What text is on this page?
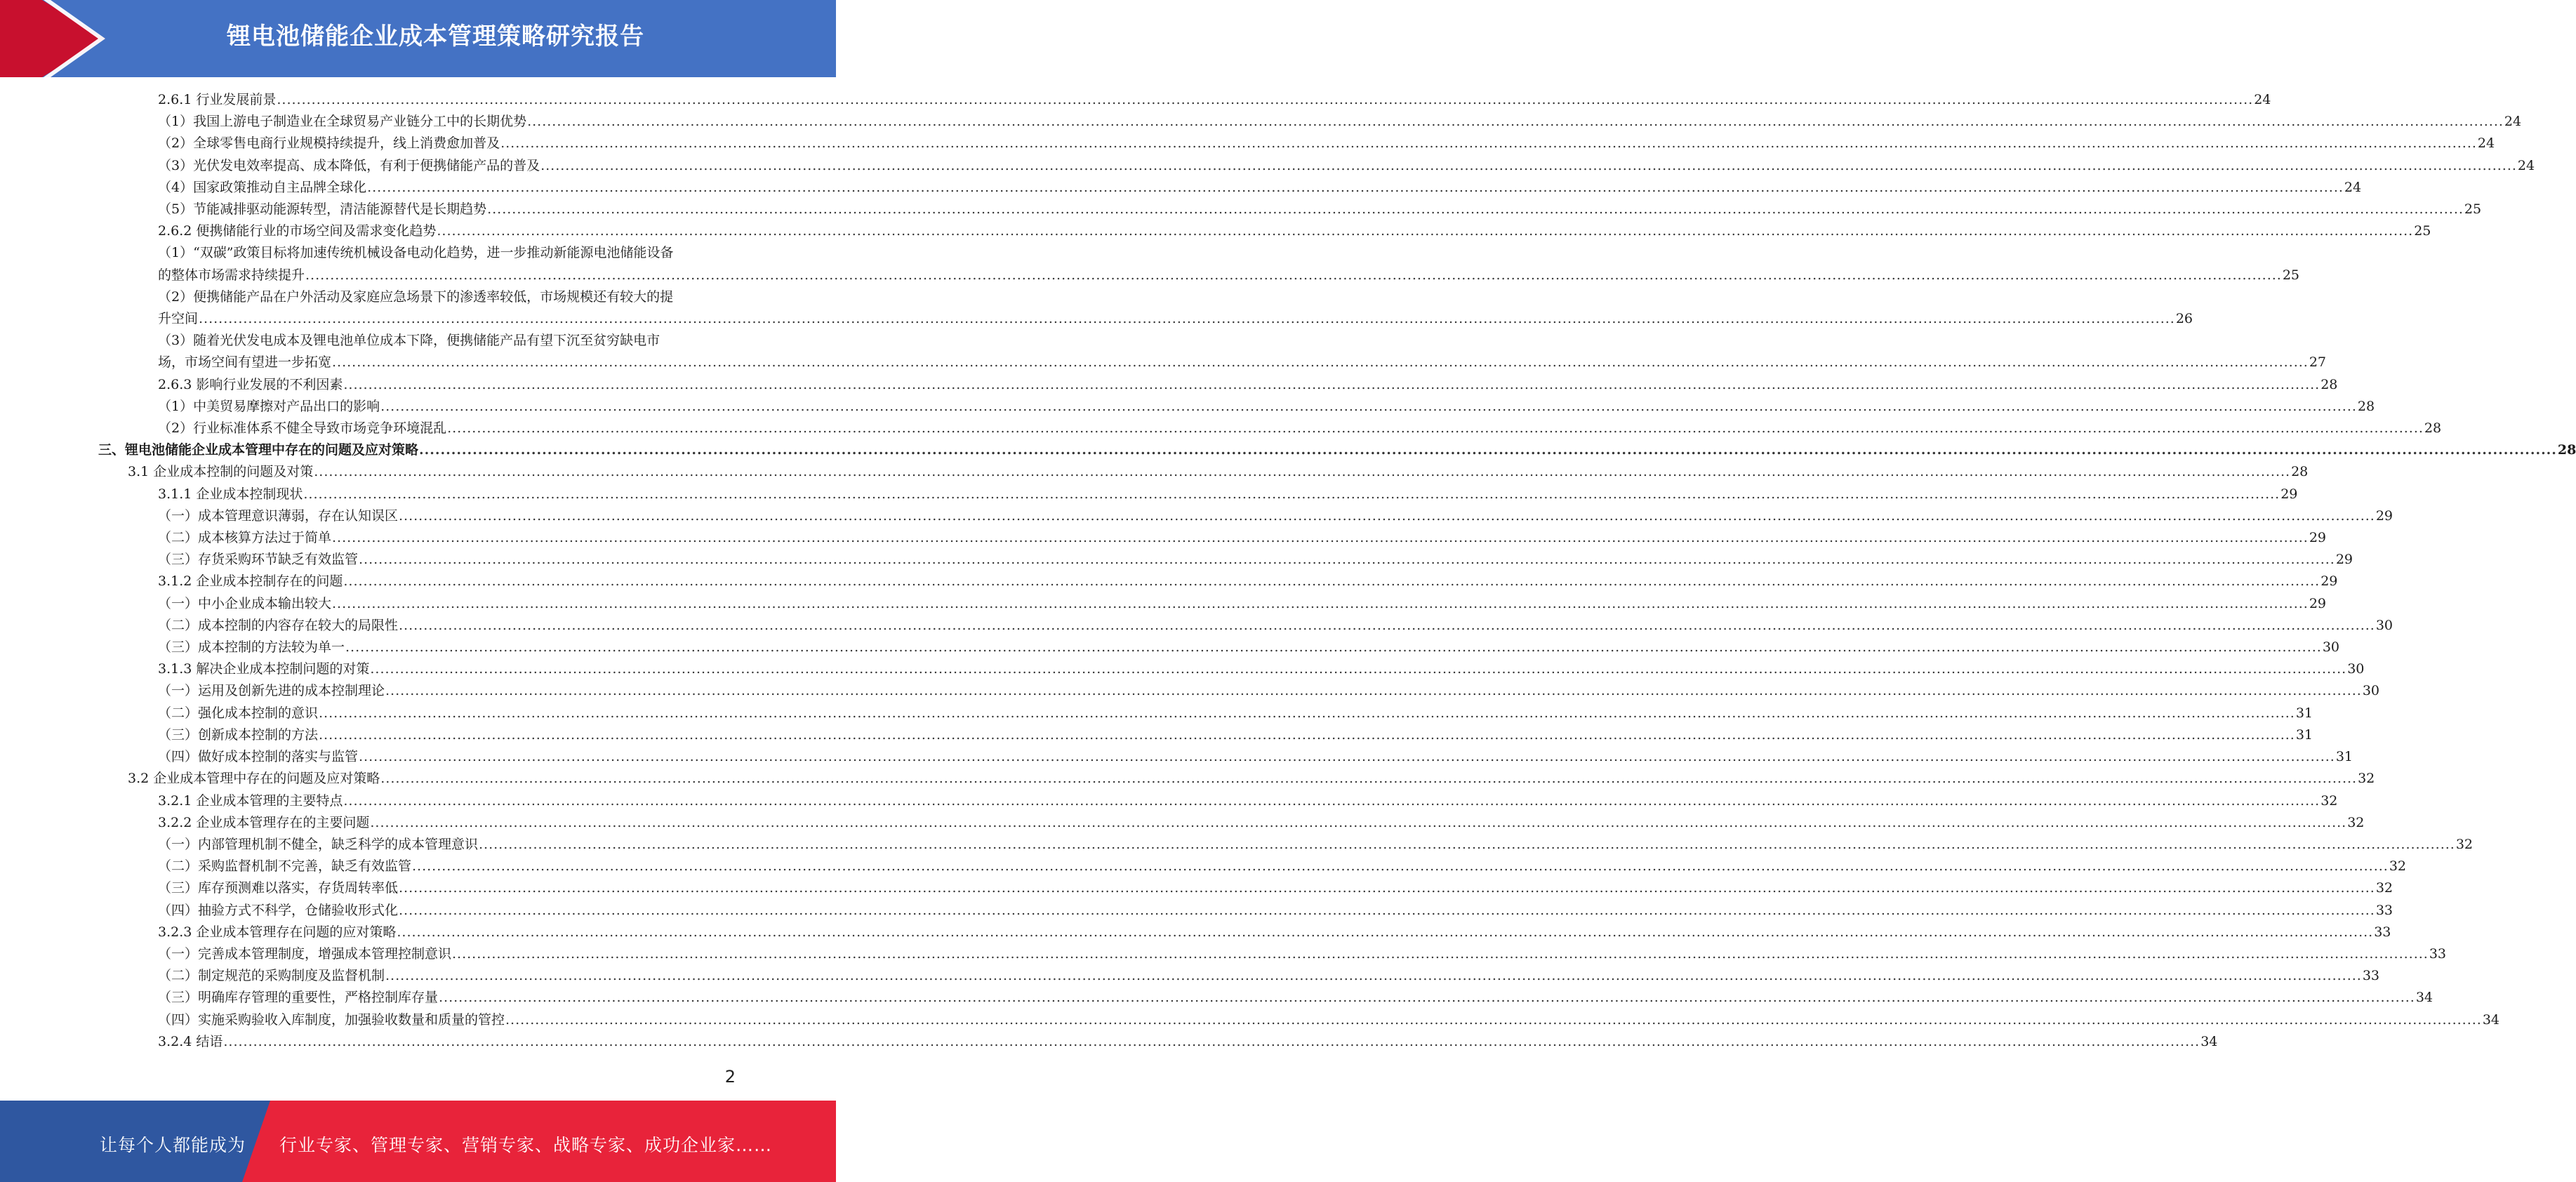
锂电池储能企业成本管理策略研究报告
2.6.1 行业发展前景 ................................................................................................................................................................................................................................................................................................................................................................................................................ 24
（1）我国上游电子制造业在全球贸易产业链分工中的长期优势 ................................................................................................................................................................................................................................................................................................................................................................................................................ 24
（2）全球零售电商行业规模持续提升，线上消费愈加普及 ................................................................................................................................................................................................................................................................................................................................................................................................................ 24
（3）光伏发电效率提高、成本降低，有利于便携储能产品的普及 ................................................................................................................................................................................................................................................................................................................................................................................................................ 24
（4）国家政策推动自主品牌全球化 ................................................................................................................................................................................................................................................................................................................................................................................................................ 24
（5）节能减排驱动能源转型，清洁能源替代是长期趋势 ................................................................................................................................................................................................................................................................................................................................................................................................................ 25
2.6.2 便携储能行业的市场空间及需求变化趋势 ................................................................................................................................................................................................................................................................................................................................................................................................................ 25
（1）“双碳”政策目标将加速传统机械设备电动化趋势，进一步推动新能源电池储能设备
的整体市场需求持续提升 ................................................................................................................................................................................................................................................................................................................................................................................................................ 25
（2）便携储能产品在户外活动及家庭应急场景下的渗透率较低，市场规模还有较大的提
升空间 ................................................................................................................................................................................................................................................................................................................................................................................................................ 26
（3）随着光伏发电成本及锂电池单位成本下降，便携储能产品有望下沉至贫穷缺电市
场，市场空间有望进一步拓宽 ................................................................................................................................................................................................................................................................................................................................................................................................................ 27
2.6.3 影响行业发展的不利因素 ................................................................................................................................................................................................................................................................................................................................................................................................................ 28
（1）中美贸易摩擦对产品出口的影响 ................................................................................................................................................................................................................................................................................................................................................................................................................ 28
（2）行业标准体系不健全导致市场竞争环境混乱 ................................................................................................................................................................................................................................................................................................................................................................................................................ 28
三、锂电池储能企业成本管理中存在的问题及应对策略 ................................................................................................................................................................................................................................................................................................................................................................................................................ 28
3.1 企业成本控制的问题及对策 ................................................................................................................................................................................................................................................................................................................................................................................................................ 28
3.1.1 企业成本控制现状 ................................................................................................................................................................................................................................................................................................................................................................................................................ 29
（一）成本管理意识薄弱，存在认知误区 ................................................................................................................................................................................................................................................................................................................................................................................................................ 29
（二）成本核算方法过于简单 ................................................................................................................................................................................................................................................................................................................................................................................................................ 29
（三）存货采购环节缺乏有效监管 ................................................................................................................................................................................................................................................................................................................................................................................................................ 29
3.1.2 企业成本控制存在的问题 ................................................................................................................................................................................................................................................................................................................................................................................................................ 29
（一）中小企业成本输出较大 ................................................................................................................................................................................................................................................................................................................................................................................................................ 29
（二）成本控制的内容存在较大的局限性 ................................................................................................................................................................................................................................................................................................................................................................................................................ 30
（三）成本控制的方法较为单一 ................................................................................................................................................................................................................................................................................................................................................................................................................ 30
3.1.3 解决企业成本控制问题的对策 ................................................................................................................................................................................................................................................................................................................................................................................................................ 30
（一）运用及创新先进的成本控制理论 ................................................................................................................................................................................................................................................................................................................................................................................................................ 30
（二）强化成本控制的意识 ................................................................................................................................................................................................................................................................................................................................................................................................................ 31
（三）创新成本控制的方法 ................................................................................................................................................................................................................................................................................................................................................................................................................ 31
（四）做好成本控制的落实与监管 ................................................................................................................................................................................................................................................................................................................................................................................................................ 31
3.2 企业成本管理中存在的问题及应对策略 ................................................................................................................................................................................................................................................................................................................................................................................................................ 32
3.2.1 企业成本管理的主要特点 ................................................................................................................................................................................................................................................................................................................................................................................................................ 32
3.2.2 企业成本管理存在的主要问题 ................................................................................................................................................................................................................................................................................................................................................................................................................ 32
（一）内部管理机制不健全，缺乏科学的成本管理意识 ................................................................................................................................................................................................................................................................................................................................................................................................................ 32
（二）采购监督机制不完善，缺乏有效监管 ................................................................................................................................................................................................................................................................................................................................................................................................................ 32
（三）库存预测难以落实，存货周转率低 ................................................................................................................................................................................................................................................................................................................................................................................................................ 32
（四）抽验方式不科学，仓储验收形式化 ................................................................................................................................................................................................................................................................................................................................................................................................................ 33
3.2.3 企业成本管理存在问题的应对策略 ................................................................................................................................................................................................................................................................................................................................................................................................................ 33
（一）完善成本管理制度，增强成本管理控制意识 ................................................................................................................................................................................................................................................................................................................................................................................................................ 33
（二）制定规范的采购制度及监督机制 ................................................................................................................................................................................................................................................................................................................................................................................................................ 33
（三）明确库存管理的重要性，严格控制库存量 ................................................................................................................................................................................................................................................................................................................................................................................................................ 34
（四）实施采购验收入库制度，加强验收数量和质量的管控 ................................................................................................................................................................................................................................................................................................................................................................................................................ 34
3.2.4 结语 ................................................................................................................................................................................................................................................................................................................................................................................................................ 34
2
让每个人都能成为 行业专家、管理专家、营销专家、战略专家、成功企业家……
